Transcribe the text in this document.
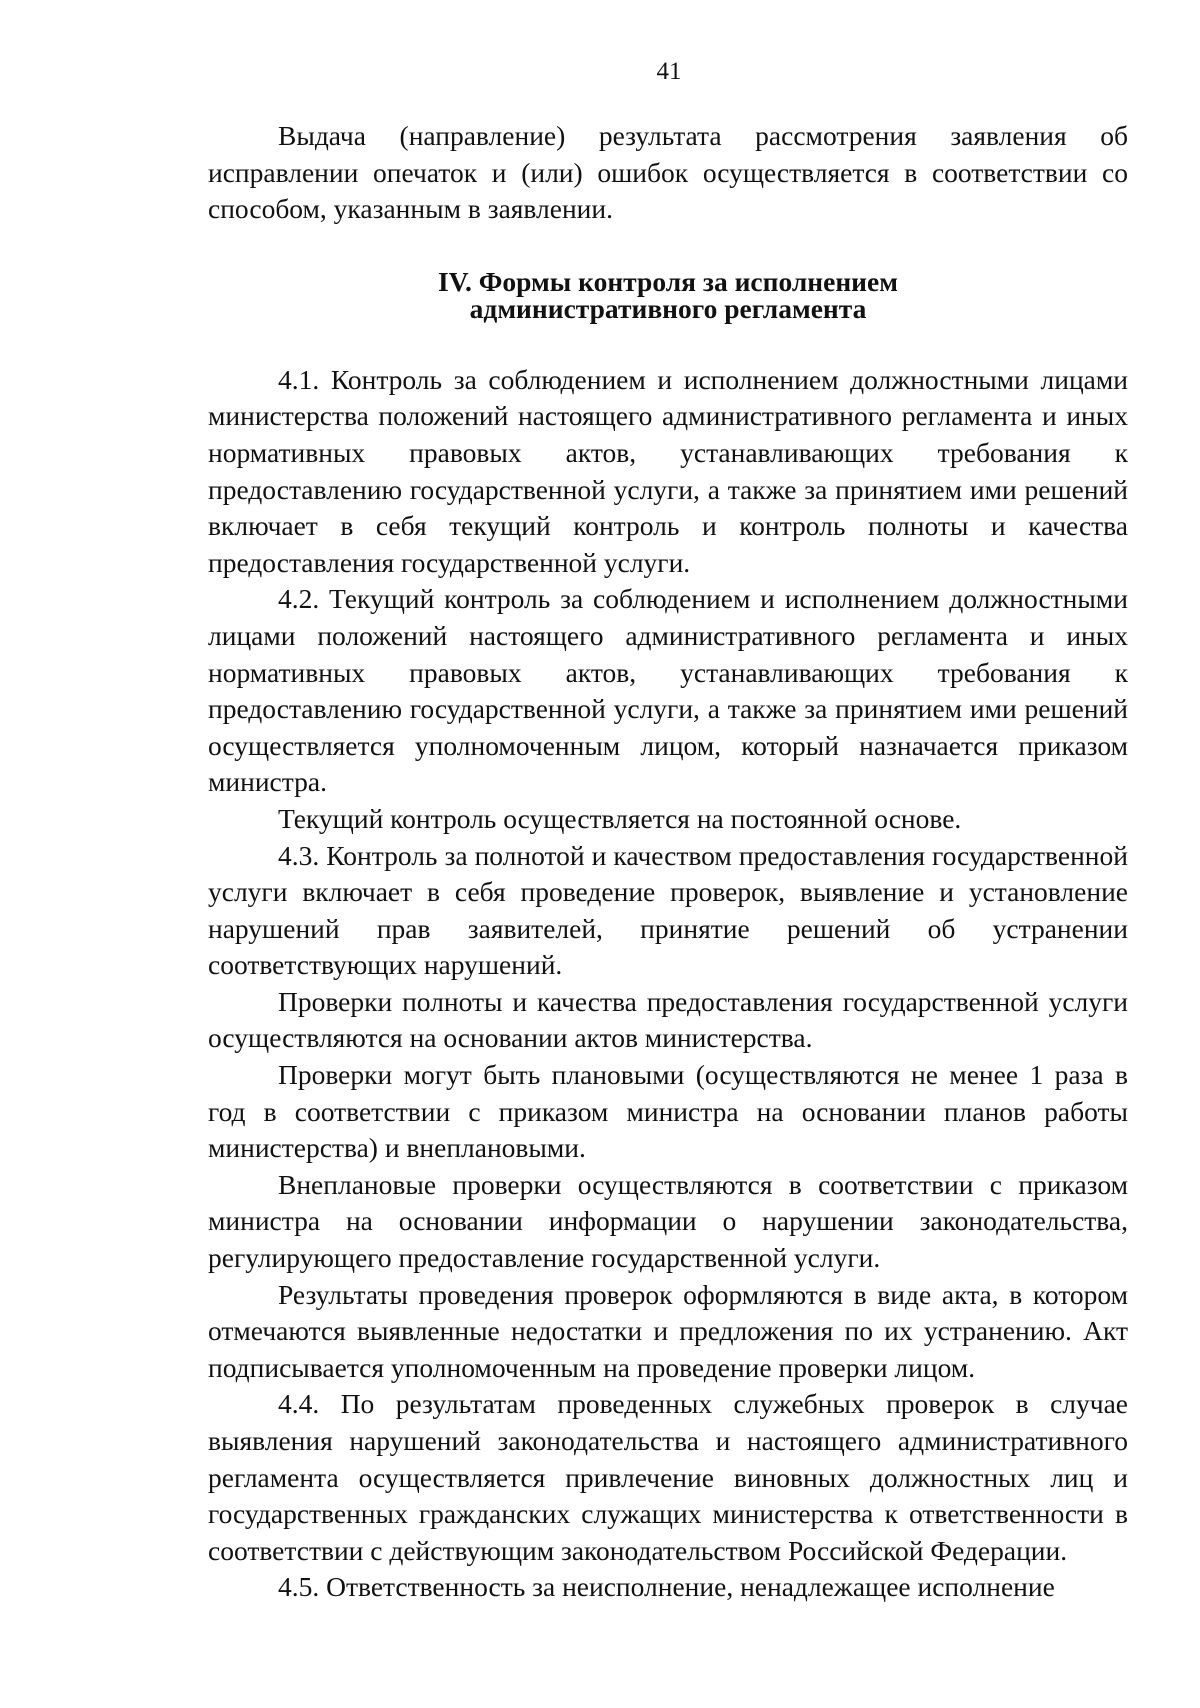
41

Выдача (направление) результата рассмотрения заявления об исправлении опечаток и (или) ошибок осуществляется в соответствии со способом, указанным в заявлении.

IV. Формы контроля за исполнением
административного регламента

4.1. Контроль за соблюдением и исполнением должностными лицами министерства положений настоящего административного регламента и иных нормативных правовых актов, устанавливающих требования к предоставлению государственной услуги, а также за принятием ими решений включает в себя текущий контроль и контроль полноты и качества предоставления государственной услуги.

4.2. Текущий контроль за соблюдением и исполнением должностными лицами положений настоящего административного регламента и иных нормативных правовых актов, устанавливающих требования к предоставлению государственной услуги, а также за принятием ими решений осуществляется уполномоченным лицом, который назначается приказом министра.

Текущий контроль осуществляется на постоянной основе.

4.3. Контроль за полнотой и качеством предоставления государственной услуги включает в себя проведение проверок, выявление и установление нарушений прав заявителей, принятие решений об устранении соответствующих нарушений.

Проверки полноты и качества предоставления государственной услуги осуществляются на основании актов министерства.

Проверки могут быть плановыми (осуществляются не менее 1 раза в год в соответствии с приказом министра на основании планов работы министерства) и внеплановыми.

Внеплановые проверки осуществляются в соответствии с приказом министра на основании информации о нарушении законодательства, регулирующего предоставление государственной услуги.

Результаты проведения проверок оформляются в виде акта, в котором отмечаются выявленные недостатки и предложения по их устранению. Акт подписывается уполномоченным на проведение проверки лицом.

4.4. По результатам проведенных служебных проверок в случае выявления нарушений законодательства и настоящего административного регламента осуществляется привлечение виновных должностных лиц и государственных гражданских служащих министерства к ответственности в соответствии с действующим законодательством Российской Федерации.

4.5. Ответственность за неисполнение, ненадлежащее исполнение
